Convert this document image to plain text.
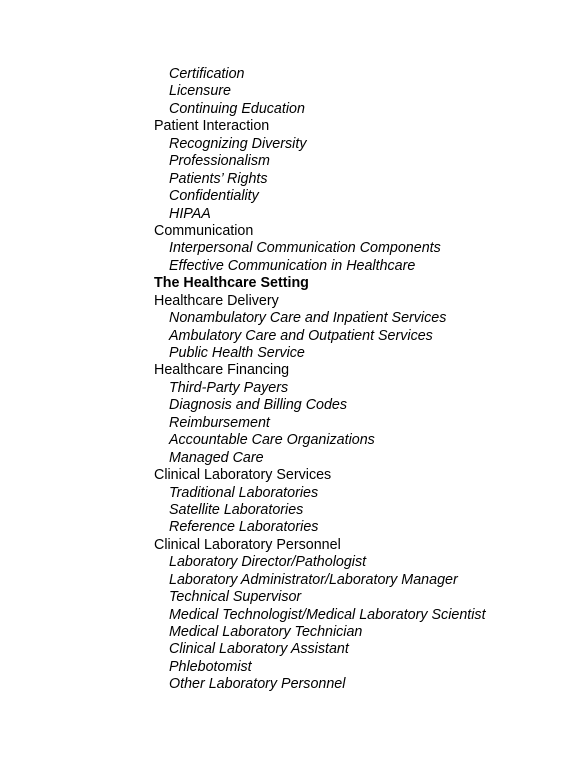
Certification
Licensure
Continuing Education
Patient Interaction
Recognizing Diversity
Professionalism
Patients’ Rights
Confidentiality
HIPAA
Communication
Interpersonal Communication Components
Effective Communication in Healthcare
The Healthcare Setting
Healthcare Delivery
Nonambulatory Care and Inpatient Services
Ambulatory Care and Outpatient Services
Public Health Service
Healthcare Financing
Third-Party Payers
Diagnosis and Billing Codes
Reimbursement
Accountable Care Organizations
Managed Care
Clinical Laboratory Services
Traditional Laboratories
Satellite Laboratories
Reference Laboratories
Clinical Laboratory Personnel
Laboratory Director/Pathologist
Laboratory Administrator/Laboratory Manager
Technical Supervisor
Medical Technologist/Medical Laboratory Scientist
Medical Laboratory Technician
Clinical Laboratory Assistant
Phlebotomist
Other Laboratory Personnel
